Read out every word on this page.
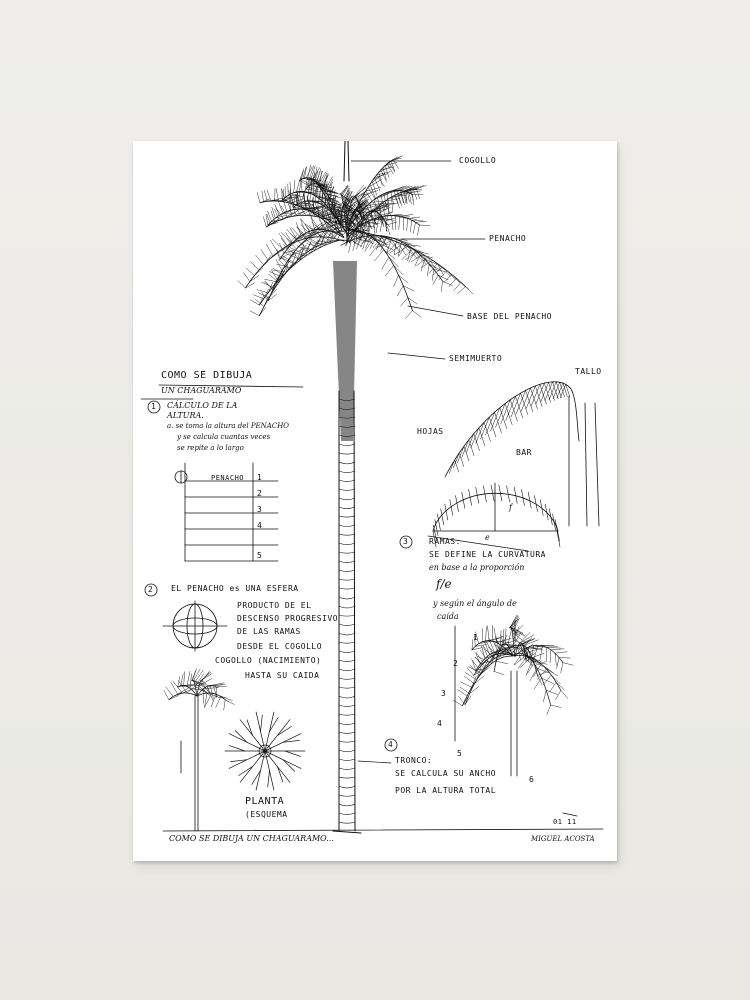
COGOLLO
PENACHO
BASE DEL PENACHO
SEMIMUERTO
TALLO
HOJAS
BAR
COMO SE DIBUJA
UN CHAGUARAMO
1 CÁLCULO DE LA
ALTURA.
a. se toma la altura del PENACHO
y se calcula cuantas veces
se repite a lo largo
PENACHO 1
2
3
4
5
2 EL PENACHO es UNA ESFERA
PRODUCTO DE EL
DESCENSO PROGRESIVO
DE LAS RAMAS
DESDE EL COGOLLO
COGOLLO (NACIMIENTO)
HASTA SU CAIDA
PLANTA
(ESQUEMA
3	RAMAS:
SE DEFINE LA CURVATURA
en base a la proporción
f/e
y según el ángulo de
caída
f
e
1
2
3
4
5
6
4
TRONCO:
SE CALCULA SU ANCHO
POR LA ALTURA TOTAL
COMO SE DIBUJA UN CHAGUARAMO...
01 11
MIGUEL ACOSTA
